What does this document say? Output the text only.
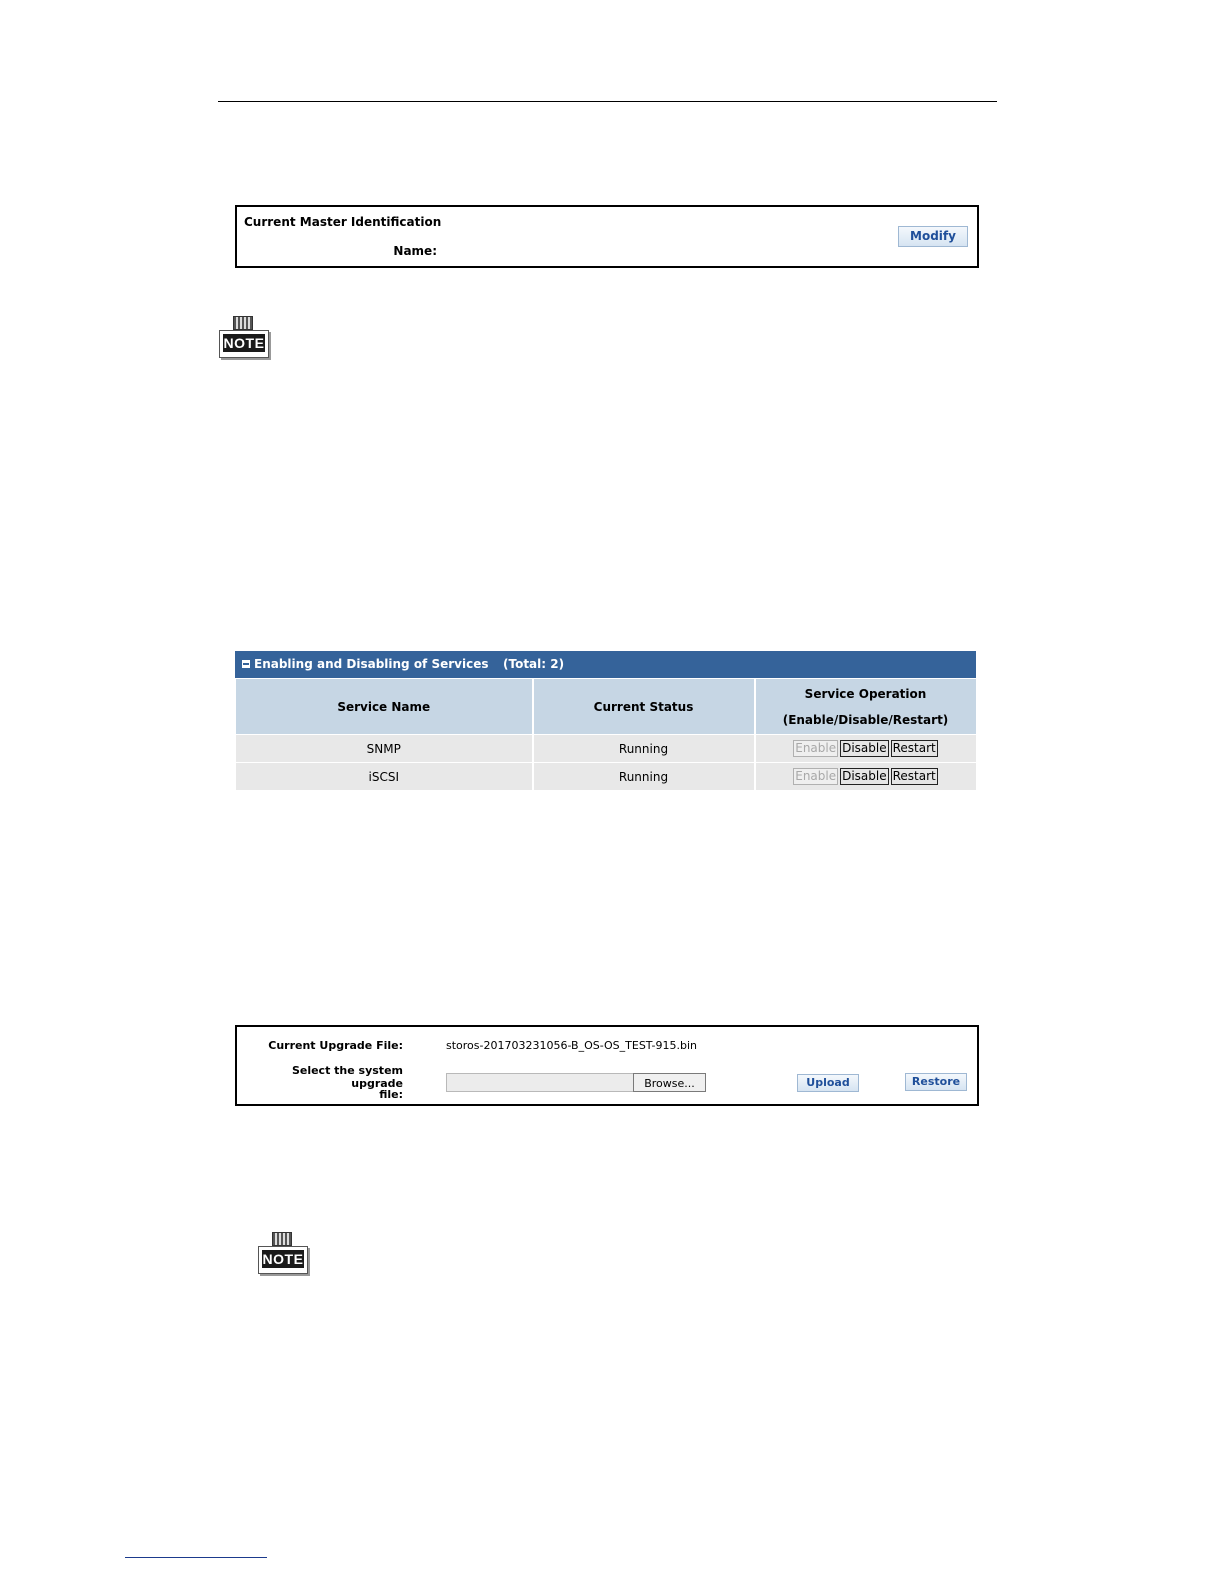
Current Master Identification
Name:
Modify
NOTE
Enabling and Disabling of Services (Total: 2)
Service Name	Current Status	Service Operation
(Enable/Disable/Restart)

SNMP	Running	Enable Disable Restart
iSCSI	Running	Enable Disable Restart
Current Upgrade File:	storos-201703231056-B_OS-OS_TEST-915.bin
Select the system upgrade
file:
Browse...	Upload	Restore
NOTE
